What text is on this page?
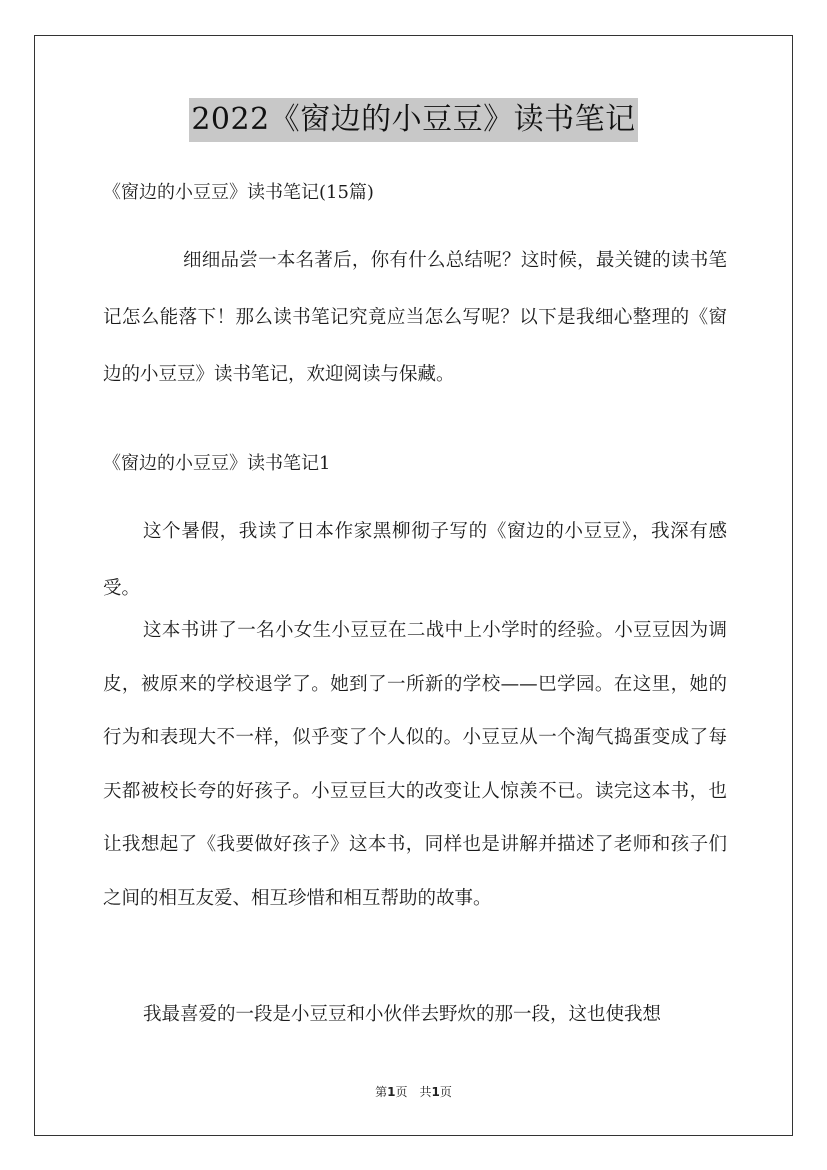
2022《窗边的小豆豆》读书笔记
《窗边的小豆豆》读书笔记(15篇)

细细品尝一本名著后，你有什么总结呢？这时候，最关键的读书笔记怎么能落下！那么读书笔记究竟应当怎么写呢？以下是我细心整理的《窗边的小豆豆》读书笔记，欢迎阅读与保藏。

《窗边的小豆豆》读书笔记1

这个暑假，我读了日本作家黑柳彻子写的《窗边的小豆豆》，我深有感受。

这本书讲了一名小女生小豆豆在二战中上小学时的经验。小豆豆因为调皮，被原来的学校退学了。她到了一所新的学校——巴学园。在这里，她的行为和表现大不一样，似乎变了个人似的。小豆豆从一个淘气捣蛋变成了每天都被校长夸的好孩子。小豆豆巨大的改变让人惊羡不已。读完这本书，也让我想起了《我要做好孩子》这本书，同样也是讲解并描述了老师和孩子们之间的相互友爱、相互珍惜和相互帮助的故事。

我最喜爱的一段是小豆豆和小伙伴去野炊的那一段，这也使我想

第1页 共1页
